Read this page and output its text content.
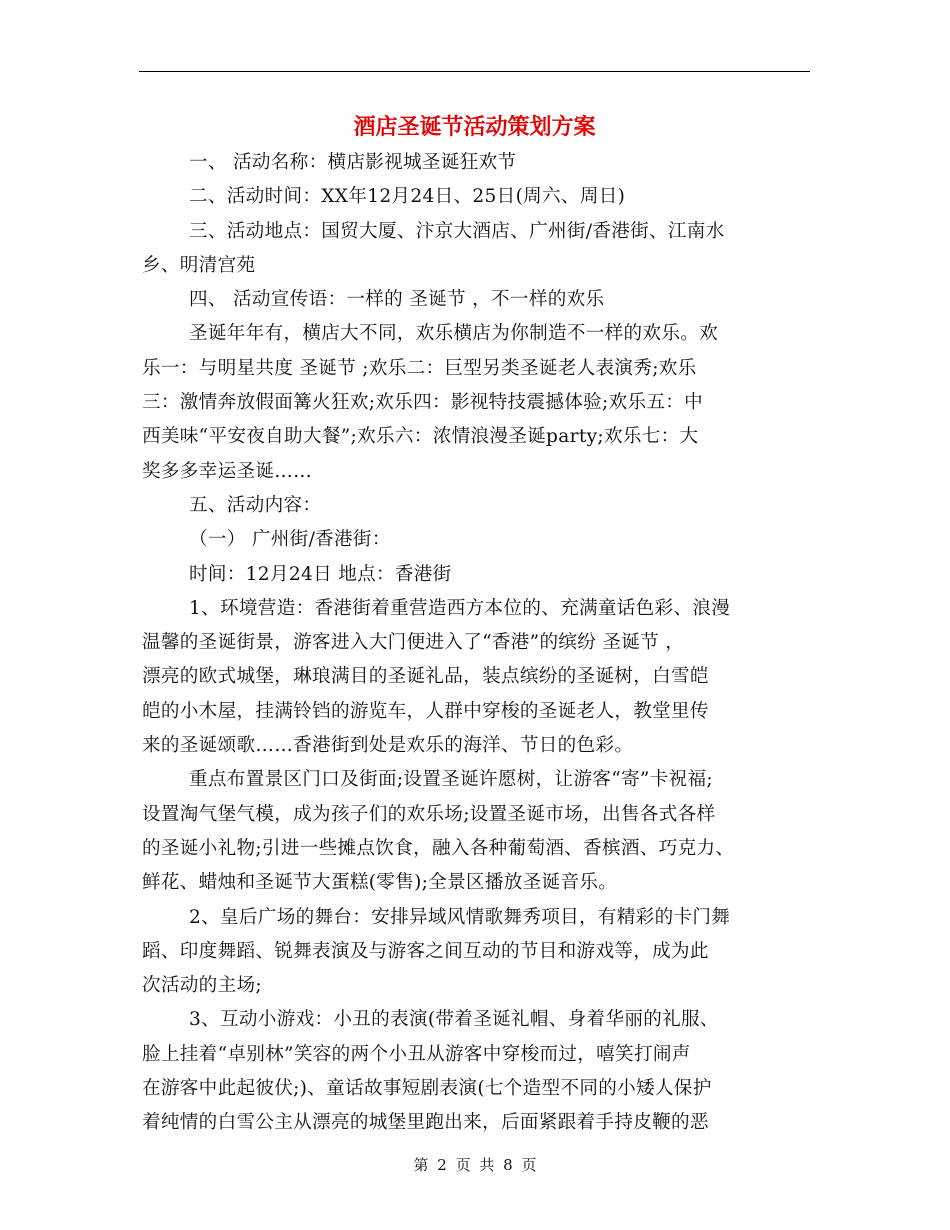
酒店圣诞节活动策划方案
一、 活动名称：横店影视城圣诞狂欢节
二、活动时间：XX年12月24日、25日(周六、周日)
三、活动地点：国贸大厦、汴京大酒店、广州街/香港街、江南水
乡、明清宫苑
四、 活动宣传语：一样的 圣诞节 ，不一样的欢乐
圣诞年年有，横店大不同，欢乐横店为你制造不一样的欢乐。欢
乐一：与明星共度 圣诞节 ;欢乐二：巨型另类圣诞老人表演秀;欢乐
三：激情奔放假面篝火狂欢;欢乐四：影视特技震撼体验;欢乐五：中
西美味“平安夜自助大餐”;欢乐六：浓情浪漫圣诞party;欢乐七：大
奖多多幸运圣诞……
五、活动内容：
（一） 广州街/香港街：
时间：12月24日 地点：香港街
1、环境营造：香港街着重营造西方本位的、充满童话色彩、浪漫
温馨的圣诞街景，游客进入大门便进入了“香港”的缤纷 圣诞节 ，
漂亮的欧式城堡，琳琅满目的圣诞礼品，装点缤纷的圣诞树，白雪皑
皑的小木屋，挂满铃铛的游览车，人群中穿梭的圣诞老人，教堂里传
来的圣诞颂歌……香港街到处是欢乐的海洋、节日的色彩。
重点布置景区门口及街面;设置圣诞许愿树，让游客“寄”卡祝福;
设置淘气堡气模，成为孩子们的欢乐场;设置圣诞市场，出售各式各样
的圣诞小礼物;引进一些摊点饮食，融入各种葡萄酒、香槟酒、巧克力、
鲜花、蜡烛和圣诞节大蛋糕(零售);全景区播放圣诞音乐。
2、皇后广场的舞台：安排异域风情歌舞秀项目，有精彩的卡门舞
蹈、印度舞蹈、锐舞表演及与游客之间互动的节目和游戏等，成为此
次活动的主场;
3、互动小游戏：小丑的表演(带着圣诞礼帽、身着华丽的礼服、
脸上挂着“卓别林”笑容的两个小丑从游客中穿梭而过，嘻笑打闹声
在游客中此起彼伏;)、童话故事短剧表演(七个造型不同的小矮人保护
着纯情的白雪公主从漂亮的城堡里跑出来，后面紧跟着手持皮鞭的恶
第 2 页 共 8 页
